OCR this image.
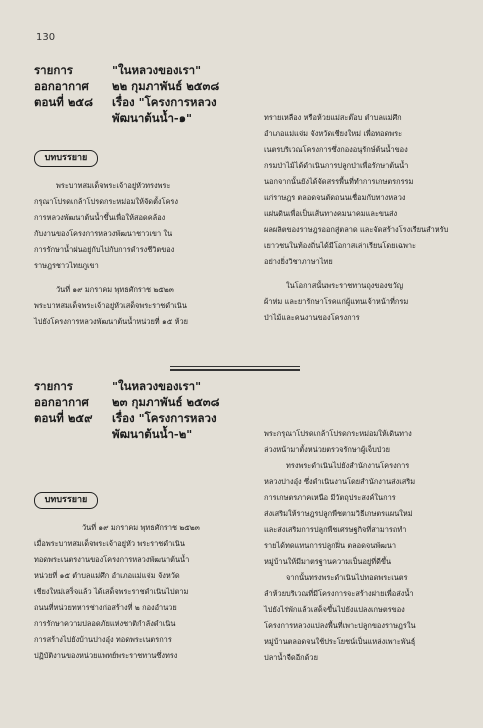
130
รายการ	"ในหลวงของเรา"
ออกอากาศ	๒๒ กุมภาพันธ์ ๒๕๓๘
ตอนที่ ๒๕๘	เรื่อง "โครงการหลวง
พัฒนาต้นน้ำ-๑"
บทบรรยาย

พระบาทสมเด็จพระเจ้าอยู่หัวทรงพระ

กรุณาโปรดเกล้าโปรดกระหม่อมให้จัดตั้งโครง

การหลวงพัฒนาต้นน้ำขึ้นเพื่อให้สอดคล้อง

กับงานของโครงการหลวงพัฒนาชาวเขา ใน

การรักษาน้ำฝนอยู่กับไปกับการดำรงชีวิตของ

ราษฎรชาวไทยภูเขา

วันที่ ๑๙ มกราคม พุทธศักราช ๒๕๒๓

พระบาทสมเด็จพระเจ้าอยู่หัวเสด็จพระราชดำเนิน

ไปยังโครงการหลวงพัฒนาต้นน้ำหน่วยที่ ๑๕ ห้วย

ทรายเหลือง หรือห้วยแม่สะต๊อบ ตำบลแม่ศึก

อำเภอแม่แจ่ม จังหวัดเชียงใหม่ เพื่อทอดพระ

เนตรบริเวณโครงการซึ่งกองอนุรักษ์ต้นน้ำของ

กรมป่าไม้ได้ดำเนินการปลูกป่าเพื่อรักษาต้นน้ำ

นอกจากนั้นยังได้จัดสรรพื้นที่ทำการเกษตรกรรม

แก่ราษฎร ตลอดจนตัดถนนเชื่อมกับทางหลวง

แผ่นดินเพื่อเป็นเส้นทางคมนาคมและขนส่ง

ผลผลิตของราษฎรออกสู่ตลาด และจัดสร้างโรงเรียนสำหรับ

เยาวชนในท้องถิ่นได้มีโอกาสเล่าเรียนโดยเฉพาะ

อย่างยิ่งวิชาภาษาไทย

ในโอกาสนั้นพระราชทานถุงของขวัญ

ผ้าห่ม และยารักษาโรคแก่ผู้แทนเจ้าหน้าที่กรม

ป่าไม้และคนงานของโครงการ

รายการ	"ในหลวงของเรา"
ออกอากาศ	๒๓ กุมภาพันธ์ ๒๕๓๘
ตอนที่ ๒๕๙	เรื่อง "โครงการหลวง
พัฒนาต้นน้ำ-๒"
บทบรรยาย

วันที่ ๑๙ มกราคม พุทธศักราช ๒๕๒๓

เมื่อพระบาทสมเด็จพระเจ้าอยู่หัว พระราชดำเนิน

ทอดพระเนตรงานของโครงการหลวงพัฒนาต้นน้ำ

หน่วยที่ ๑๕ ตำบลแม่ศึก อำเภอแม่แจ่ม จังหวัด

เชียงใหม่เสร็จแล้ว ได้เสด็จพระราชดำเนินไปตาม

ถนนที่หน่วยทหารช่างก่อสร้างที่ ๒ กองอำนวย

การรักษาความปลอดภัยแห่งชาติกำลังดำเนิน

การสร้างไปยังบ้านปางอุ๋ง ทอดพระเนตรการ

ปฏิบัติงานของหน่วยแพทย์พระราชทานซึ่งทรง

พระกรุณาโปรดเกล้าโปรดกระหม่อมให้เดินทาง

ล่วงหน้ามาตั้งหน่วยตรวจรักษาผู้เจ็บป่วย

ทรงพระดำเนินไปยังสำนักงานโครงการ

หลวงปางอุ๋ง ซึ่งดำเนินงานโดยสำนักงานส่งเสริม

การเกษตรภาคเหนือ มีวัตถุประสงค์ในการ

ส่งเสริมให้ราษฎรปลูกพืชตามวิธีเกษตรแผนใหม่

และส่งเสริมการปลูกพืชเศรษฐกิจที่สามารถทำ

รายได้ทดแทนการปลูกฝิ่น ตลอดจนพัฒนา

หมู่บ้านให้มีมาตรฐานความเป็นอยู่ที่ดีขึ้น

จากนั้นทรงพระดำเนินไปทอดพระเนตร

ลำห้วยบริเวณที่มีโครงการจะสร้างฝายเพื่อส่งน้ำ

ไปยังไร่พักแล้วเสด็จขึ้นไปยังแปลงเกษตรของ

โครงการหลวงแปลงพื้นที่เพาะปลูกของราษฎรใน

หมู่บ้านตลอดจนใช้ประโยชน์เป็นแหล่งเพาะพันธุ์

ปลาน้ำจืดอีกด้วย
